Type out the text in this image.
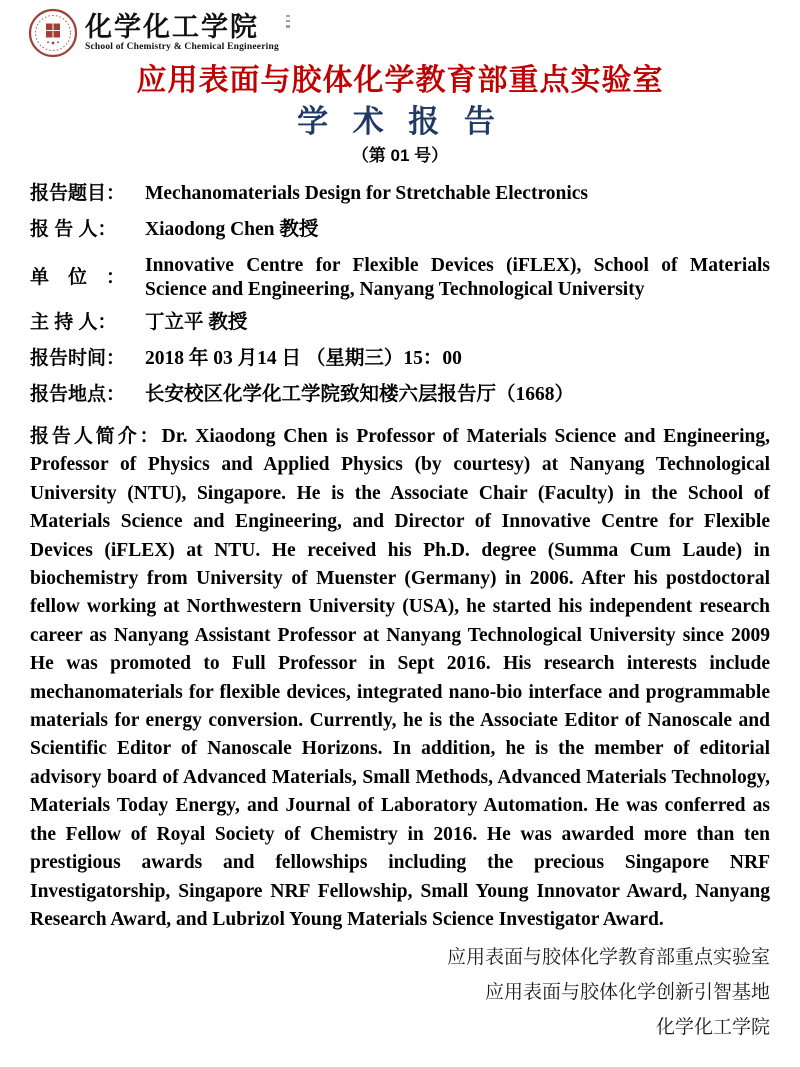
化学化工学院
School of Chemistry & Chemical Engineering
应用表面与胶体化学教育部重点实验室
学 术 报 告
（第 01 号）
报告题目：	Mechanomaterials Design for Stretchable Electronics
报 告 人：	Xiaodong Chen 教授
单　位　：
Innovative Centre for Flexible Devices (iFLEX), School of Materials Science and Engineering, Nanyang Technological University
主 持 人：	丁立平 教授
报告时间：	2018 年 03 月14 日 （星期三）15：00
报告地点：	长安校区化学化工学院致知楼六层报告厅（1668）

报告人简介：Dr. Xiaodong Chen is Professor of Materials Science and Engineering, Professor of Physics and Applied Physics (by courtesy) at Nanyang Technological University (NTU), Singapore. He is the Associate Chair (Faculty) in the School of Materials Science and Engineering, and Director of Innovative Centre for Flexible Devices (iFLEX) at NTU. He received his Ph.D. degree (Summa Cum Laude) in biochemistry from University of Muenster (Germany) in 2006. After his postdoctoral fellow working at Northwestern University (USA), he started his independent research career as Nanyang Assistant Professor at Nanyang Technological University since 2009 He was promoted to Full Professor in Sept 2016. His research interests include mechanomaterials for flexible devices, integrated nano-bio interface and programmable materials for energy conversion. Currently, he is the Associate Editor of Nanoscale and Scientific Editor of Nanoscale Horizons. In addition, he is the member of editorial advisory board of Advanced Materials, Small Methods, Advanced Materials Technology, Materials Today Energy, and Journal of Laboratory Automation. He was conferred as the Fellow of Royal Society of Chemistry in 2016. He was awarded more than ten prestigious awards and fellowships including the precious Singapore NRF Investigatorship, Singapore NRF Fellowship, Small Young Innovator Award, Nanyang Research Award, and Lubrizol Young Materials Science Investigator Award.

应用表面与胶体化学教育部重点实验室
应用表面与胶体化学创新引智基地
化学化工学院
